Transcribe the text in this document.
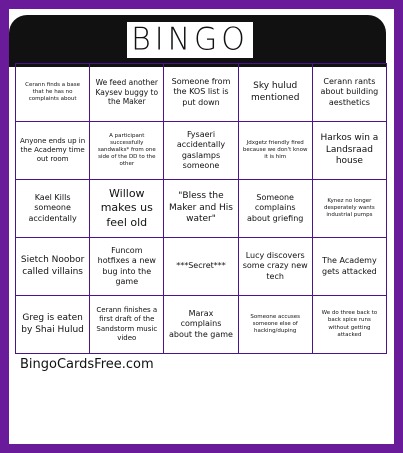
BINGO
Cerann finds a base that he has no complaints about
We feed another Kaysev buggy to the Maker
Someone from the KOS list is put down
Sky hulud mentioned
Cerann rants about building aesthetics
Anyone ends up in the Academy time out room
A participant successfully sandwalks* from one side of the DD to the other
Fysaeri accidentally gaslamps someone
Jdxgetz friendly fired because we don't know it is him
Harkos win a Landsraad house
Kael Kills someone accidentally
Willow makes us feel old
"Bless the Maker and His water"
Someone complains about griefing
Kynez no longer desperately wants industrial pumps
Sietch Noobor called villains
Funcom hotfixes a new bug into the game
***Secret***
Lucy discovers some crazy new tech
The Academy gets attacked
Greg is eaten by Shai Hulud
Cerann finishes a first draft of the Sandstorm music video
Marax complains about the game
Someone accuses someone else of hacking/duping
We do three back to back spice runs without getting attacked
BingoCardsFree.com
